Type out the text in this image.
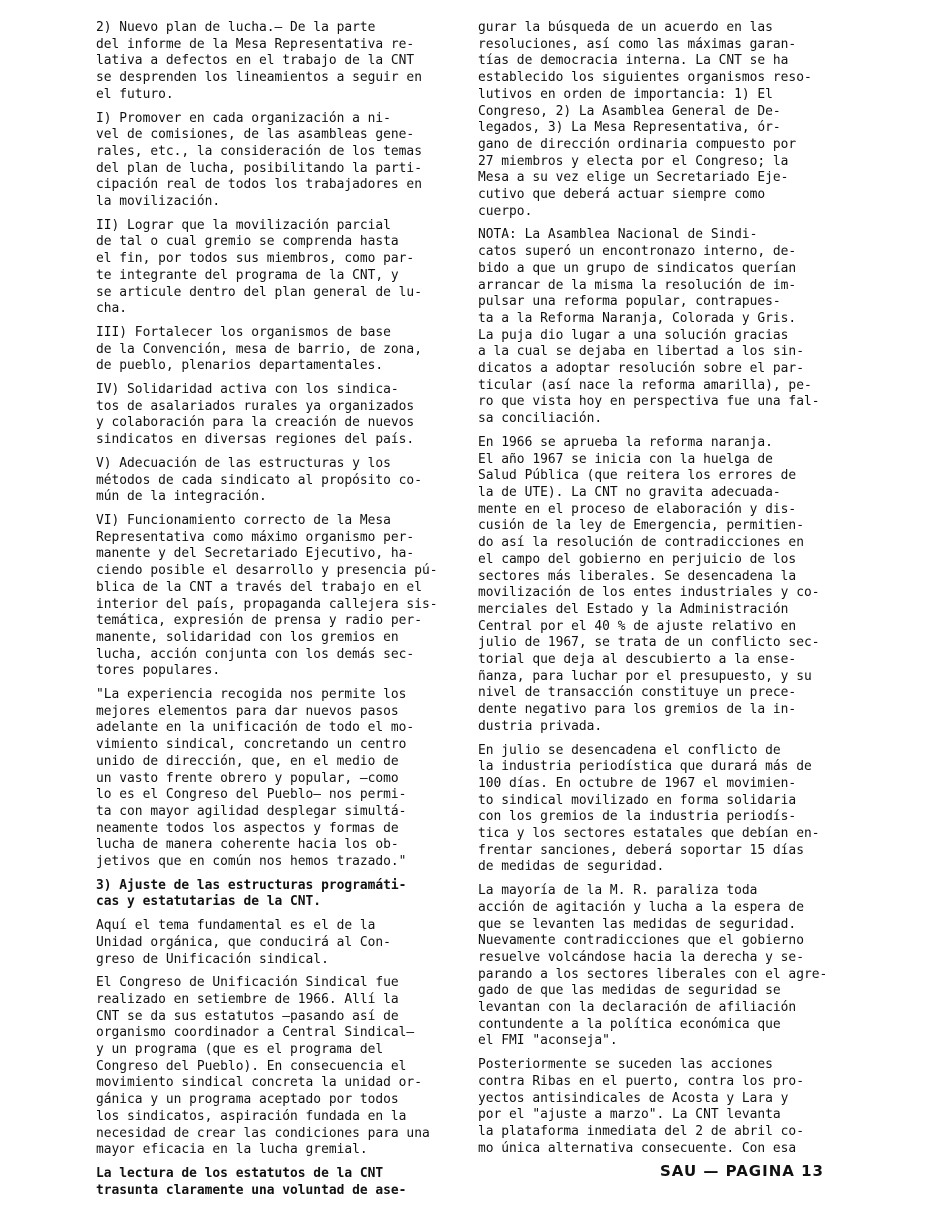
2) Nuevo plan de lucha.— De la parte
del informe de la Mesa Representativa re-
lativa a defectos en el trabajo de la CNT
se desprenden los lineamientos a seguir en
el futuro.

I) Promover en cada organización a ni-
vel de comisiones, de las asambleas gene-
rales, etc., la consideración de los temas
del plan de lucha, posibilitando la parti-
cipación real de todos los trabajadores en
la movilización.

II) Lograr que la movilización parcial
de tal o cual gremio se comprenda hasta
el fin, por todos sus miembros, como par-
te integrante del programa de la CNT, y
se articule dentro del plan general de lu-
cha.

III) Fortalecer los organismos de base
de la Convención, mesa de barrio, de zona,
de pueblo, plenarios departamentales.

IV) Solidaridad activa con los sindica-
tos de asalariados rurales ya organizados
y colaboración para la creación de nuevos
sindicatos en diversas regiones del país.

V) Adecuación de las estructuras y los
métodos de cada sindicato al propósito co-
mún de la integración.

VI) Funcionamiento correcto de la Mesa
Representativa como máximo organismo per-
manente y del Secretariado Ejecutivo, ha-
ciendo posible el desarrollo y presencia pú-
blica de la CNT a través del trabajo en el
interior del país, propaganda callejera sis-
temática, expresión de prensa y radio per-
manente, solidaridad con los gremios en
lucha, acción conjunta con los demás sec-
tores populares.

"La experiencia recogida nos permite los
mejores elementos para dar nuevos pasos
adelante en la unificación de todo el mo-
vimiento sindical, concretando un centro
unido de dirección, que, en el medio de
un vasto frente obrero y popular, —como
lo es el Congreso del Pueblo— nos permi-
ta con mayor agilidad desplegar simultá-
neamente todos los aspectos y formas de
lucha de manera coherente hacia los ob-
jetivos que en común nos hemos trazado."

3) Ajuste de las estructuras programáti-
cas y estatutarias de la CNT.

Aquí el tema fundamental es el de la
Unidad orgánica, que conducirá al Con-
greso de Unificación sindical.

El Congreso de Unificación Sindical fue
realizado en setiembre de 1966. Allí la
CNT se da sus estatutos —pasando así de
organismo coordinador a Central Sindical—
y un programa (que es el programa del
Congreso del Pueblo). En consecuencia el
movimiento sindical concreta la unidad or-
gánica y un programa aceptado por todos
los sindicatos, aspiración fundada en la
necesidad de crear las condiciones para una
mayor eficacia en la lucha gremial.

La lectura de los estatutos de la CNT
trasunta claramente una voluntad de ase-

gurar la búsqueda de un acuerdo en las
resoluciones, así como las máximas garan-
tías de democracia interna. La CNT se ha
establecido los siguientes organismos reso-
lutivos en orden de importancia: 1) El
Congreso, 2) La Asamblea General de De-
legados, 3) La Mesa Representativa, ór-
gano de dirección ordinaria compuesto por
27 miembros y electa por el Congreso; la
Mesa a su vez elige un Secretariado Eje-
cutivo que deberá actuar siempre como
cuerpo.

NOTA: La Asamblea Nacional de Sindi-
catos superó un encontronazo interno, de-
bido a que un grupo de sindicatos querían
arrancar de la misma la resolución de im-
pulsar una reforma popular, contrapues-
ta a la Reforma Naranja, Colorada y Gris.
La puja dio lugar a una solución gracias
a la cual se dejaba en libertad a los sin-
dicatos a adoptar resolución sobre el par-
ticular (así nace la reforma amarilla), pe-
ro que vista hoy en perspectiva fue una fal-
sa conciliación.

En 1966 se aprueba la reforma naranja.
El año 1967 se inicia con la huelga de
Salud Pública (que reitera los errores de
la de UTE). La CNT no gravita adecuada-
mente en el proceso de elaboración y dis-
cusión de la ley de Emergencia, permitien-
do así la resolución de contradicciones en
el campo del gobierno en perjuicio de los
sectores más liberales. Se desencadena la
movilización de los entes industriales y co-
merciales del Estado y la Administración
Central por el 40 % de ajuste relativo en
julio de 1967, se trata de un conflicto sec-
torial que deja al descubierto a la ense-
ñanza, para luchar por el presupuesto, y su
nivel de transacción constituye un prece-
dente negativo para los gremios de la in-
dustria privada.

En julio se desencadena el conflicto de
la industria periodística que durará más de
100 días. En octubre de 1967 el movimien-
to sindical movilizado en forma solidaria
con los gremios de la industria periodís-
tica y los sectores estatales que debían en-
frentar sanciones, deberá soportar 15 días
de medidas de seguridad.

La mayoría de la M. R. paraliza toda
acción de agitación y lucha a la espera de
que se levanten las medidas de seguridad.
Nuevamente contradicciones que el gobierno
resuelve volcándose hacia la derecha y se-
parando a los sectores liberales con el agre-
gado de que las medidas de seguridad se
levantan con la declaración de afiliación
contundente a la política económica que
el FMI "aconseja".

Posteriormente se suceden las acciones
contra Ribas en el puerto, contra los pro-
yectos antisindicales de Acosta y Lara y
por el "ajuste a marzo". La CNT levanta
la plataforma inmediata del 2 de abril co-
mo única alternativa consecuente. Con esa

SAU — PAGINA 13
